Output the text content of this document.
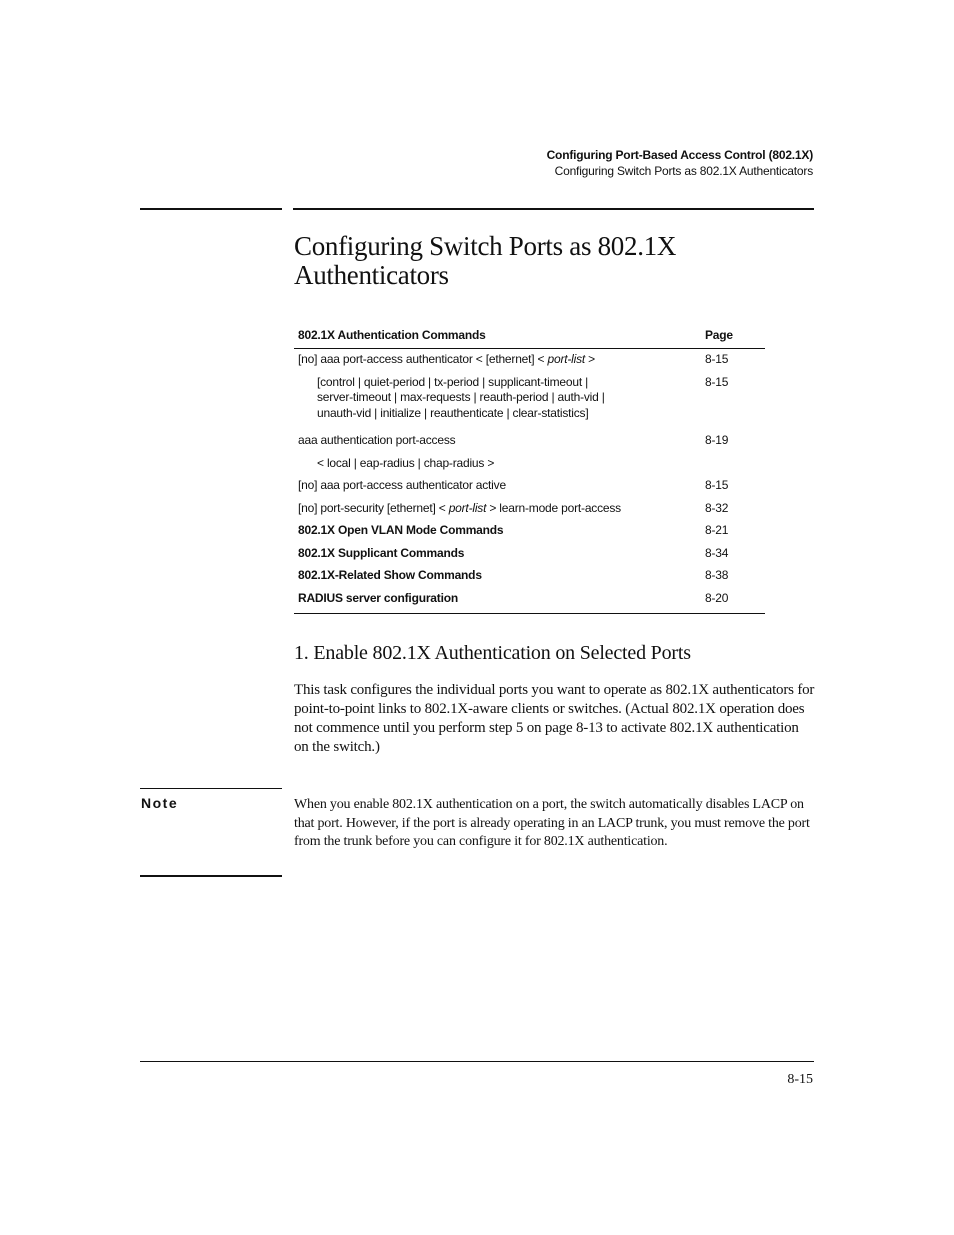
Configuring Port-Based Access Control (802.1X)
Configuring Switch Ports as 802.1X Authenticators
Configuring Switch Ports as 802.1X Authenticators
802.1X Authentication Commands	Page
[no] aaa port-access authenticator < [ethernet] < port-list >	8-15

[control | quiet-period | tx-period | supplicant-timeout |
server-timeout | max-requests | reauth-period | auth-vid |
unauth-vid | initialize | reauthenticate | clear-statistics]	8-15
aaa authentication port-access	8-19
< local | eap-radius | chap-radius >	
[no] aaa port-access authenticator active	8-15
[no] port-security [ethernet] < port-list > learn-mode port-access	8-32
802.1X Open VLAN Mode Commands	8-21
802.1X Supplicant Commands	8-34
802.1X-Related Show Commands	8-38
RADIUS server configuration	8-20
1. Enable 802.1X Authentication on Selected Ports

This task configures the individual ports you want to operate as 802.1X authenticators for point-to-point links to 802.1X-aware clients or switches. (Actual 802.1X operation does not commence until you perform step 5 on page 8-13 to activate 802.1X authentication on the switch.)

Note	When you enable 802.1X authentication on a port, the switch automatically disables LACP on that port. However, if the port is already operating in an LACP trunk, you must remove the port from the trunk before you can configure it for 802.1X authentication.

8-15
